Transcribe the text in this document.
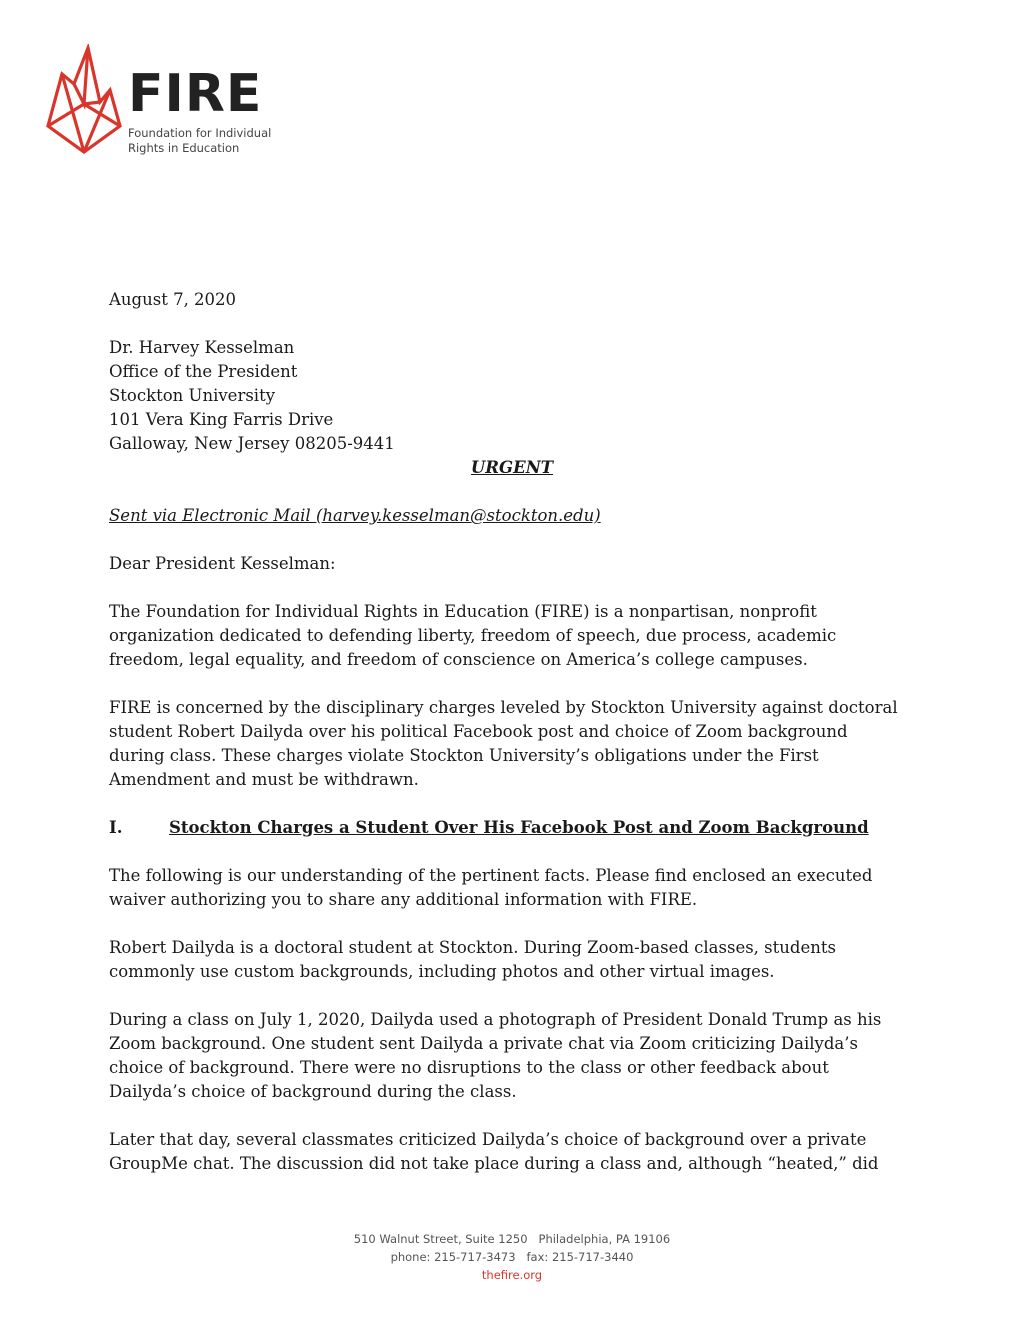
FIRE
Foundation for Individual
Rights in Education
August 7, 2020
Dr. Harvey Kesselman
Office of the President
Stockton University
101 Vera King Farris Drive
Galloway, New Jersey 08205-9441
URGENT
Sent via Electronic Mail (harvey.kesselman@stockton.edu)
Dear President Kesselman:
The Foundation for Individual Rights in Education (FIRE) is a nonpartisan, nonprofit
organization dedicated to defending liberty, freedom of speech, due process, academic
freedom, legal equality, and freedom of conscience on America’s college campuses.
FIRE is concerned by the disciplinary charges leveled by Stockton University against doctoral
student Robert Dailyda over his political Facebook post and choice of Zoom background
during class. These charges violate Stockton University’s obligations under the First
Amendment and must be withdrawn.
I.	Stockton Charges a Student Over His Facebook Post and Zoom Background
The following is our understanding of the pertinent facts. Please find enclosed an executed
waiver authorizing you to share any additional information with FIRE.
Robert Dailyda is a doctoral student at Stockton. During Zoom-based classes, students
commonly use custom backgrounds, including photos and other virtual images.
During a class on July 1, 2020, Dailyda used a photograph of President Donald Trump as his
Zoom background. One student sent Dailyda a private chat via Zoom criticizing Dailyda’s
choice of background. There were no disruptions to the class or other feedback about
Dailyda’s choice of background during the class.
Later that day, several classmates criticized Dailyda’s choice of background over a private
GroupMe chat. The discussion did not take place during a class and, although “heated,” did
510 Walnut Street, Suite 1250   Philadelphia, PA 19106
phone: 215-717-3473   fax: 215-717-3440
thefire.org
